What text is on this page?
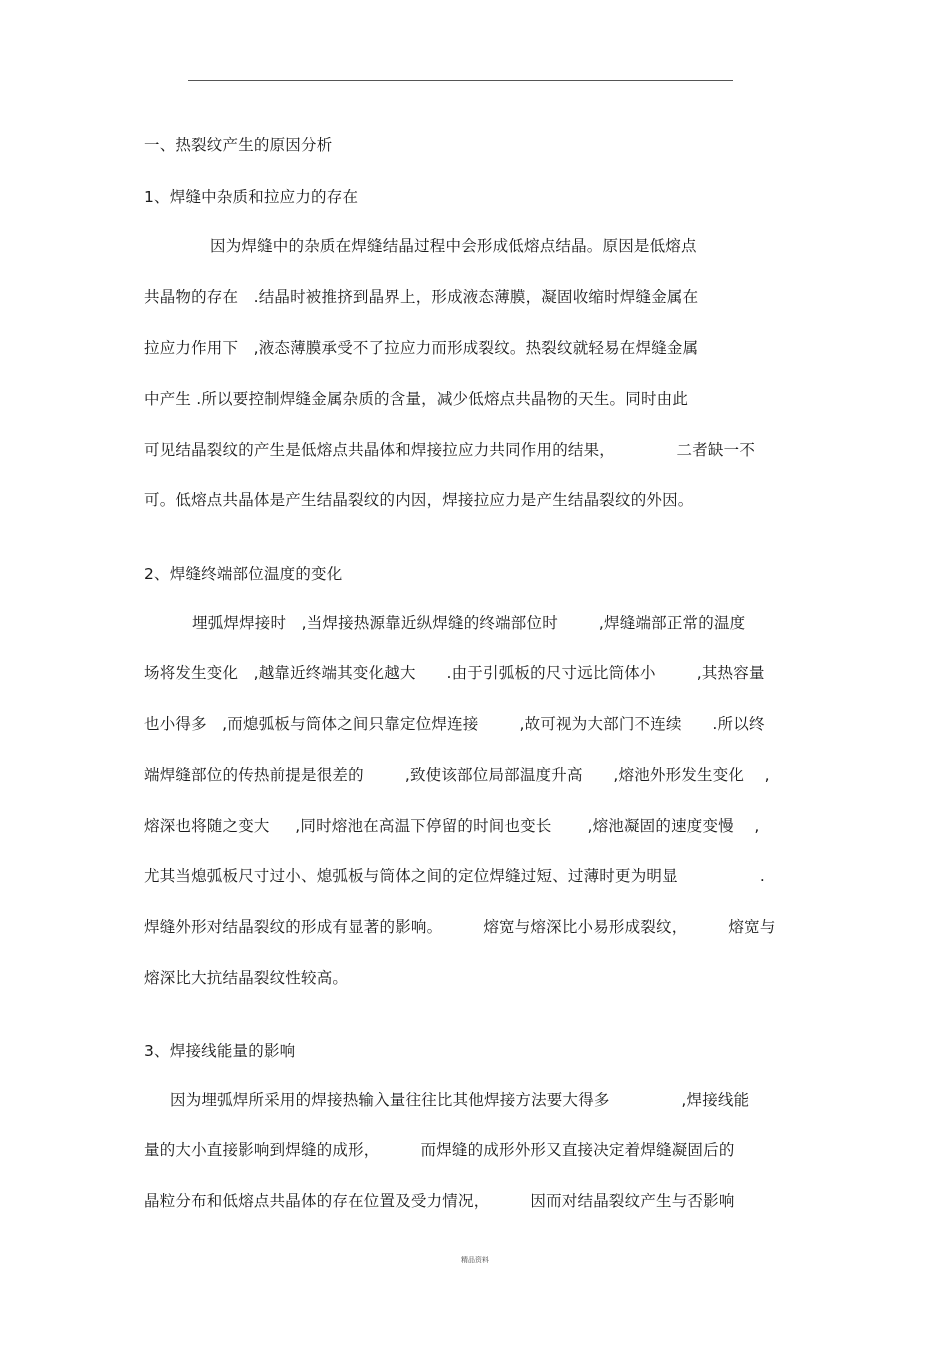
一、热裂纹产生的原因分析
1、焊缝中杂质和拉应力的存在
因为焊缝中的杂质在焊缝结晶过程中会形成低熔点结晶。原因是低熔点
共晶物的存在   .结晶时被推挤到晶界上，形成液态薄膜，凝固收缩时焊缝金属在
拉应力作用下   ,液态薄膜承受不了拉应力而形成裂纹。热裂纹就轻易在焊缝金属
中产生 .所以要控制焊缝金属杂质的含量，减少低熔点共晶物的天生。同时由此
可见结晶裂纹的产生是低熔点共晶体和焊接拉应力共同作用的结果，            二者缺一不
可。低熔点共晶体是产生结晶裂纹的内因，焊接拉应力是产生结晶裂纹的外因。
2、焊缝终端部位温度的变化
埋弧焊焊接时   ,当焊接热源靠近纵焊缝的终端部位时        ,焊缝端部正常的温度
场将发生变化   ,越靠近终端其变化越大      .由于引弧板的尺寸远比筒体小        ,其热容量
也小得多   ,而熄弧板与筒体之间只靠定位焊连接        ,故可视为大部门不连续      .所以终
端焊缝部位的传热前提是很差的        ,致使该部位局部温度升高      ,熔池外形发生变化    ,
熔深也将随之变大     ,同时熔池在高温下停留的时间也变长       ,熔池凝固的速度变慢    ,
尤其当熄弧板尺寸过小、熄弧板与筒体之间的定位焊缝过短、过薄时更为明显                .
焊缝外形对结晶裂纹的形成有显著的影响。        熔宽与熔深比小易形成裂纹，        熔宽与
熔深比大抗结晶裂纹性较高。
3、焊接线能量的影响
因为埋弧焊所采用的焊接热输入量往往比其他焊接方法要大得多              ,焊接线能
量的大小直接影响到焊缝的成形，        而焊缝的成形外形又直接决定着焊缝凝固后的
晶粒分布和低熔点共晶体的存在位置及受力情况，        因而对结晶裂纹产生与否影响
精品资料
